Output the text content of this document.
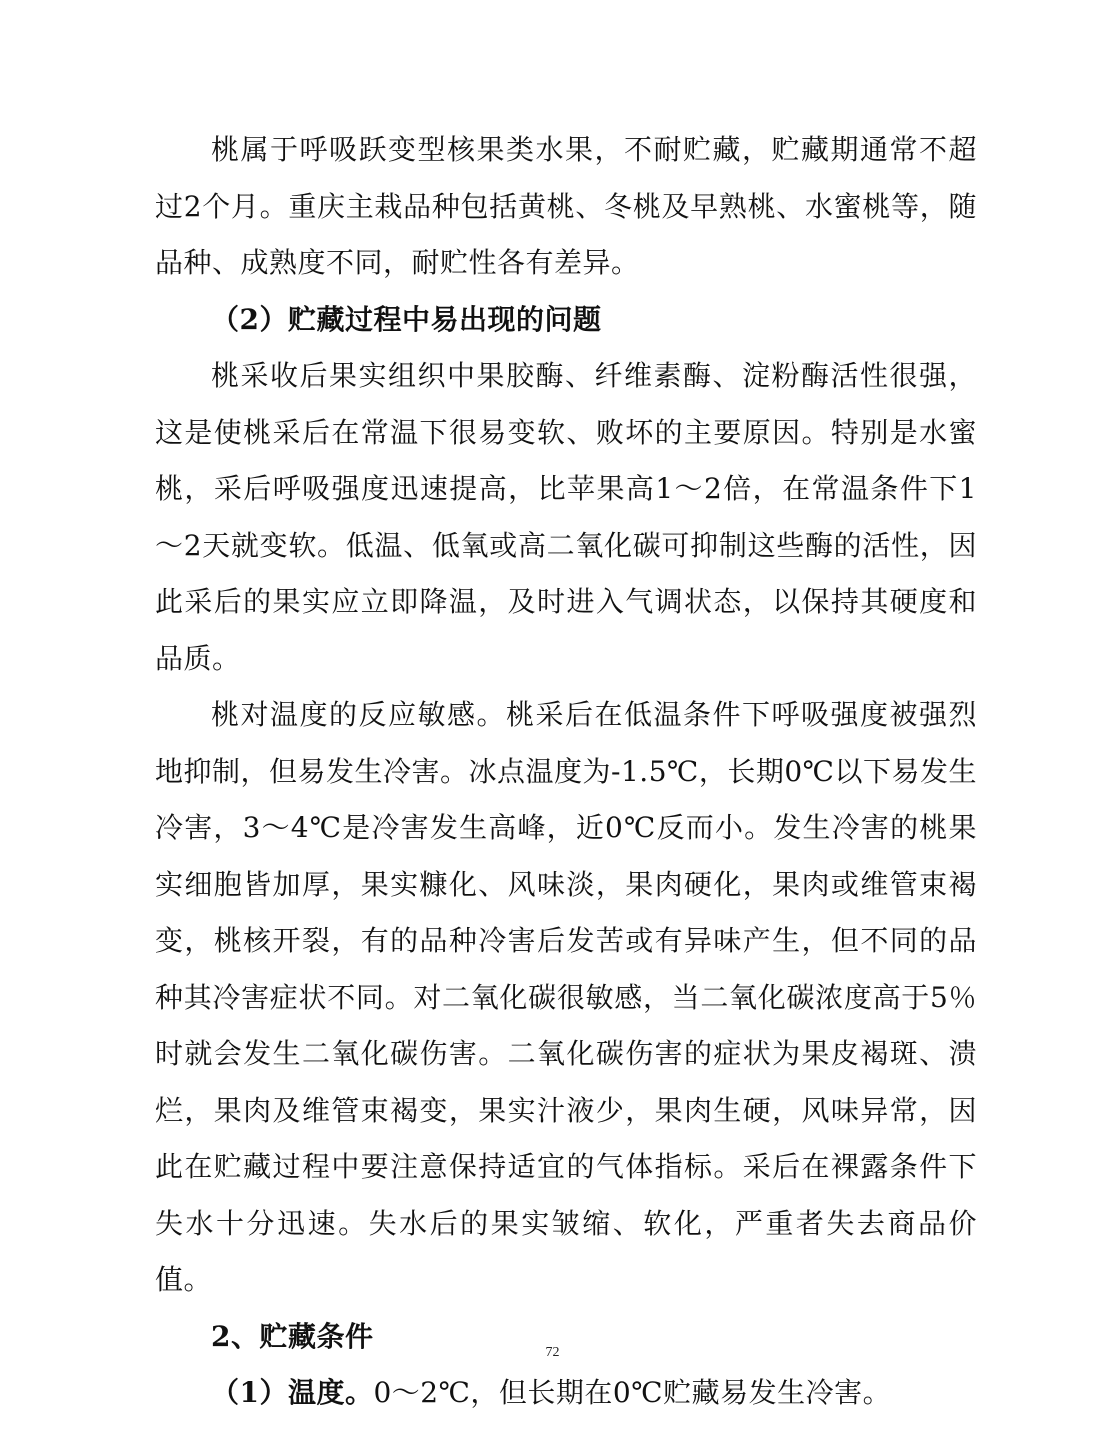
桃属于呼吸跃变型核果类水果，不耐贮藏，贮藏期通常不超过2个月。重庆主栽品种包括黄桃、冬桃及早熟桃、水蜜桃等，随品种、成熟度不同，耐贮性各有差异。

（2）贮藏过程中易出现的问题

桃采收后果实组织中果胶酶、纤维素酶、淀粉酶活性很强，这是使桃采后在常温下很易变软、败坏的主要原因。特别是水蜜桃，采后呼吸强度迅速提高，比苹果高1～2倍，在常温条件下1～2天就变软。低温、低氧或高二氧化碳可抑制这些酶的活性，因此采后的果实应立即降温，及时进入气调状态，以保持其硬度和品质。

桃对温度的反应敏感。桃采后在低温条件下呼吸强度被强烈地抑制，但易发生冷害。冰点温度为-1.5℃，长期0℃以下易发生冷害，3～4℃是冷害发生高峰，近0℃反而小。发生冷害的桃果实细胞皆加厚，果实糠化、风味淡，果肉硬化，果肉或维管束褐变，桃核开裂，有的品种冷害后发苦或有异味产生，但不同的品种其冷害症状不同。对二氧化碳很敏感，当二氧化碳浓度高于5％时就会发生二氧化碳伤害。二氧化碳伤害的症状为果皮褐斑、溃烂，果肉及维管束褐变，果实汁液少，果肉生硬，风味异常，因此在贮藏过程中要注意保持适宜的气体指标。采后在裸露条件下失水十分迅速。失水后的果实皱缩、软化，严重者失去商品价值。

2、贮藏条件

（1）温度。0～2℃，但长期在0℃贮藏易发生冷害。

72
